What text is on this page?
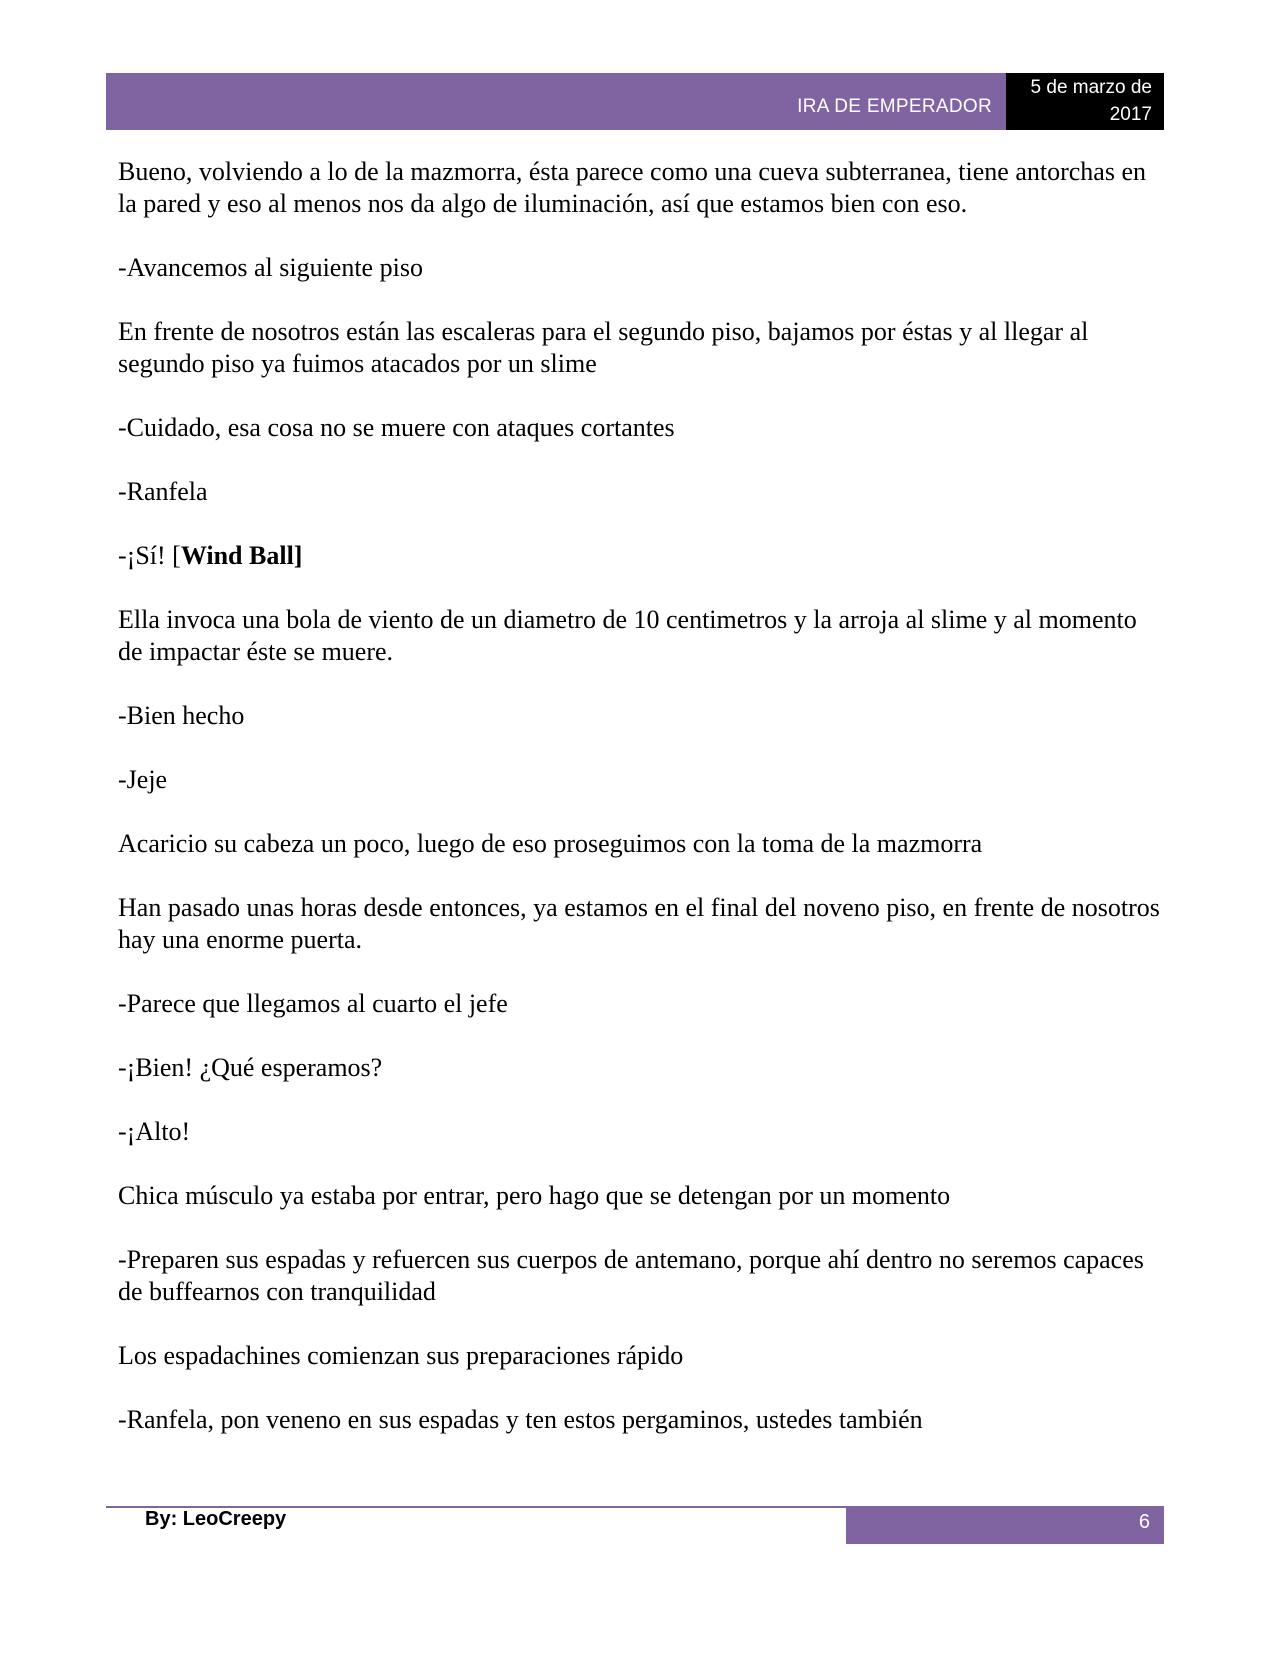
IRA DE EMPERADOR
5 de marzo de
2017

Bueno, volviendo a lo de la mazmorra, ésta parece como una cueva subterranea, tiene antorchas en la pared y eso al menos nos da algo de iluminación, así que estamos bien con eso.

-Avancemos al siguiente piso

En frente de nosotros están las escaleras para el segundo piso, bajamos por éstas y al llegar al segundo piso ya fuimos atacados por un slime

-Cuidado, esa cosa no se muere con ataques cortantes

-Ranfela

-¡Sí! [Wind Ball]

Ella invoca una bola de viento de un diametro de 10 centimetros y la arroja al slime y al momento de impactar éste se muere.

-Bien hecho

-Jeje

Acaricio su cabeza un poco, luego de eso proseguimos con la toma de la mazmorra

Han pasado unas horas desde entonces, ya estamos en el final del noveno piso, en frente de nosotros hay una enorme puerta.

-Parece que llegamos al cuarto el jefe

-¡Bien! ¿Qué esperamos?

-¡Alto!

Chica músculo ya estaba por entrar, pero hago que se detengan por un momento

-Preparen sus espadas y refuercen sus cuerpos de antemano, porque ahí dentro no seremos capaces de buffearnos con tranquilidad

Los espadachines comienzan sus preparaciones rápido

-Ranfela, pon veneno en sus espadas y ten estos pergaminos, ustedes también

By: LeoCreepy	6
